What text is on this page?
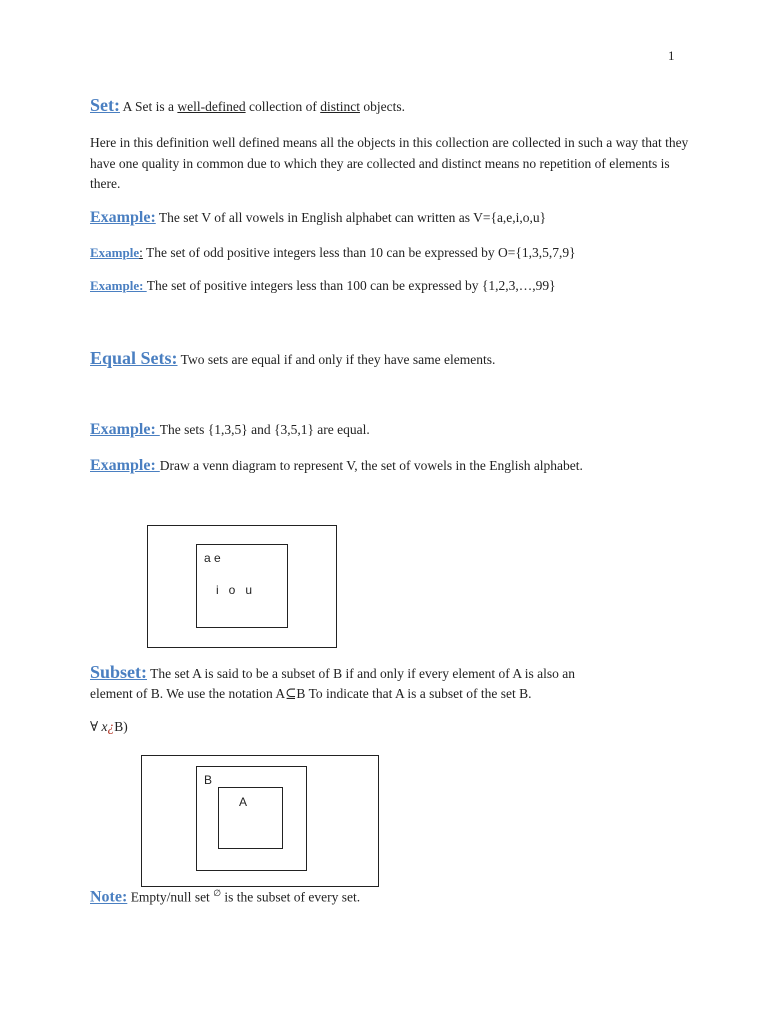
1
Set: A Set is a well-defined collection of distinct objects.
Here in this definition well defined means all the objects in this collection are collected in such a way that they have one quality in common due to which they are collected and distinct means no repetition of elements is there.
Example: The set V of all vowels in English alphabet can written as V={a,e,i,o,u}
Example: The set of odd positive integers less than 10 can be expressed by O={1,3,5,7,9}
Example: The set of positive integers less than 100 can be expressed by {1,2,3,…,99}
Equal Sets: Two sets are equal if and only if they have same elements.
Example: The sets {1,3,5} and {3,5,1} are equal.
Example: Draw a venn diagram to represent V, the set of vowels in the English alphabet.
a e
i   o   u
Subset: The set A is said to be a subset of B if and only if every element of A is also an
element of B. We use the notation A⊆B To indicate that A is a subset of the set B.
∀ x¿B)
B
A
Note: Empty/null set ∅ is the subset of every set.
